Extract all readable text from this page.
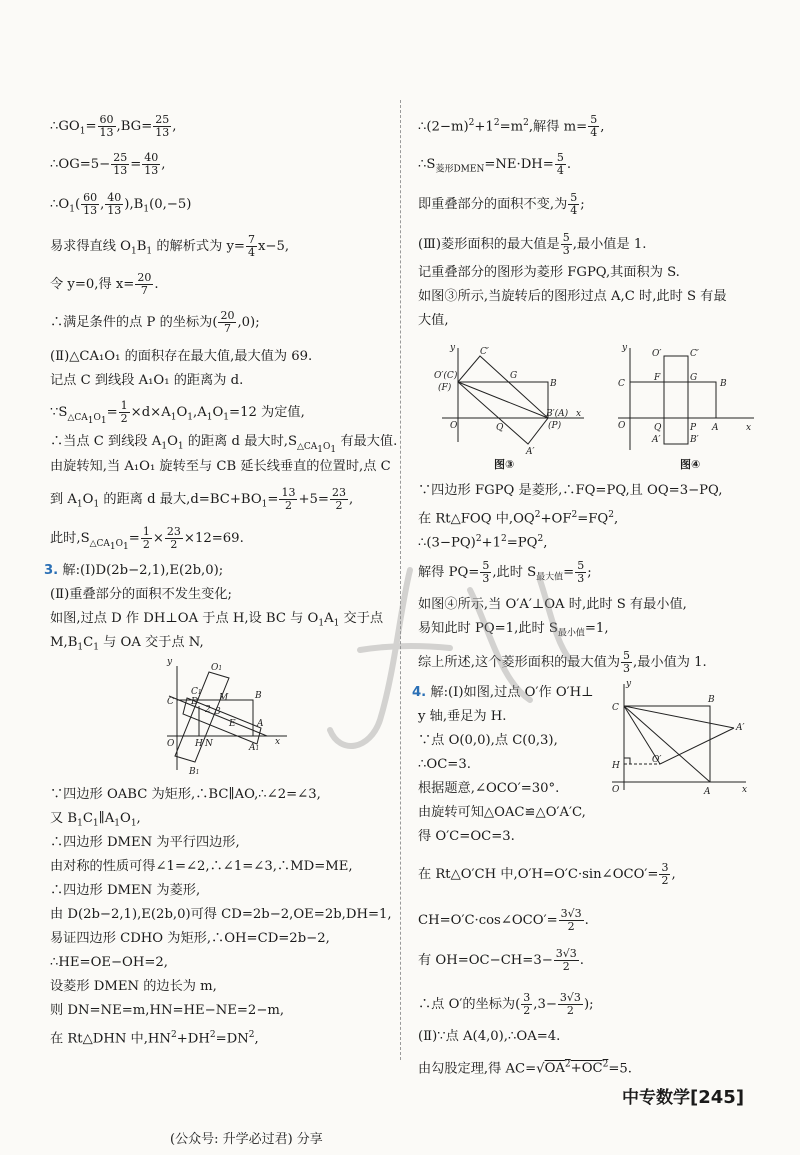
$\therefore GO_1= \frac{60}{13} ,BG= \frac{25}{13}$ ,
∴OG=5− $\frac{25}{13} = \frac{40}{13}$ ,
$\therefore O_1( \frac{60}{13}$ , $\frac{40}{13} ),B_1(0,-5)$
易求得直线 $O_1B_1$ 的解析式为 $y= \frac{7}{4} x-5$,
令 y=0,得 $x= \frac{20}{7}$ .
∴满足条件的点 P 的坐标为( $\frac{20}{7} ,0$);
(Ⅱ)△CA₁O₁ 的面积存在最大值,最大值为 69.
记点 C 到线段 A₁O₁ 的距离为 d.
$\because S_{\triangle CA_1O_1}= \frac{1}{2} \times d\times A_1O_1,A_1O_1=12$ 为定值,
∴当点 C 到线段 $A_1O_1$ 的距离 d 最大时$,S_{\triangle CA_1O_1}$ 有最大值.
由旋转知,当 A₁O₁ 旋转至与 CB 延长线垂直的位置时,点 C
到 $A_1O_1$ 的距离 d 最大$,d=BC+BO_1= \frac{13}{2} +5= \frac{23}{2}$ ,
此时$,S_{\triangle CA_1O_1}= \frac{1}{2} \times \frac{23}{2} \times 12=69$.
3. 解:(Ⅰ)D(2b−2,1),E(2b,0);
(Ⅱ)重叠部分的面积不发生变化;
如图,过点 D 作 DH⊥OA 于点 H,设 BC 与 $O_1A_1$ 交于点
$M,B_1C_1$ 与 OA 交于点 N,
y
O1
C
C1
D M	B
2 3
E A
O H N	A1
x
B1
∵四边形 OABC 为矩形,∴BC∥AO,∴∠2=∠3,
又 $B_1C_1\parallel A_1O_1$,
∴四边形 DMEN 为平行四边形,
由对称的性质可得∠1=∠2,∴∠1=∠3,∴MD=ME,
∴四边形 DMEN 为菱形,
由 D(2b−2,1),E(2b,0)可得 CD=2b−2,OE=2b,DH=1,
易证四边形 CDHO 为矩形,∴OH=CD=2b−2,
∴HE=OE−OH=2,
设菱形 DMEN 的边长为 m,
则 DN=NE=m,HN=HE−NE=2−m,
在 Rt△DHN 中$,HN^2+DH^2=DN^2$,
$\therefore(2-m)^2+1^2=m^2$,解得 $m= \frac{5}{4}$ ,
$\therefore S_{菱形DMEN}=NE\cdot DH= \frac{5}{4}$ .
即重叠部分的面积不变,为 $\frac{5}{4}$ ;
(Ⅲ)菱形面积的最大值是 $\frac{5}{3}$ ,最小值是 1.
记重叠部分的图形为菱形 FGPQ,其面积为 S.
如图③所示,当旋转后的图形过点 A,C 时,此时 S 有最
大值,
y	C′
O′(C)
(F)
G
B
O	Q
B′(A)
(P)
x
A′
图③
y
O′	C′
C
F	G
B
O	Q	P A	x
A′	B′
图④
∵四边形 FGPQ 是菱形,∴FQ=PQ,且 OQ=3−PQ,
在 Rt△FOQ 中$,OQ^2+OF^2=FQ^2$,
$\therefore(3-PQ)^2+1^2=PQ^2$,
解得 $PQ= \frac{5}{3}$ ,此时 $S_{最大值}= \frac{5}{3}$ ;
如图④所示,当 O′A′⊥OA 时,此时 S 有最小值,
易知此时 PQ=1,此时 $S_{最小值}=1$,
综上所述,这个菱形面积的最大值为 $\frac{5}{3}$ ,最小值为 1.
4. 解:(Ⅰ)如图,过点 O′作 O′H⊥
y 轴,垂足为 H.
∵点 O(0,0),点 C(0,3),
∴OC=3.
根据题意,∠OCO′=30°.
由旋转可知△OAC≌△O′A′C,
得 O′C=OC=3.
y
C
B
A′
H
O′
O	A	x
在 Rt△O′CH 中,O′H=O′C·sin∠OCO′= $\frac{3}{2}$ ,
CH=O′C·cos∠OCO′= $\frac{3√3}{2}$ .
有 $OH=OC-CH=3- \frac{3√3}{2}$ .
∴点 O′的坐标为( $\frac{3}{2} ,3- \frac{3√3}{2}$ );
(Ⅱ)∵点 A(4,0),∴OA=4.
由勾股定理,得 $AC=√OA^2+OC^2=5$.
中专数学[245]
(公众号: 升学必过君) 分享
